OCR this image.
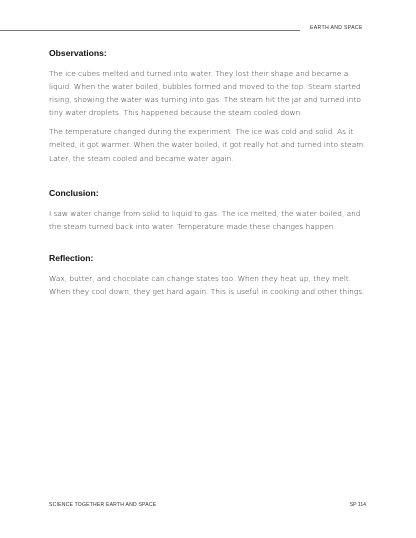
EARTH AND SPACE
Observations:

The ice cubes melted and turned into water. They lost their shape and became a liquid. When the water boiled, bubbles formed and moved to the top. Steam started rising, showing the water was turning into gas. The steam hit the jar and turned into tiny water droplets. This happened because the steam cooled down.

The temperature changed during the experiment. The ice was cold and solid. As it melted, it got warmer. When the water boiled, it got really hot and turned into steam. Later, the steam cooled and became water again.

Conclusion:

I saw water change from solid to liquid to gas. The ice melted, the water boiled, and the steam turned back into water. Temperature made these changes happen.

Reflection:

Wax, butter, and chocolate can change states too. When they heat up, they melt. When they cool down, they get hard again. This is useful in cooking and other things.

SCIENCE TOGETHER EARTH AND SPACE	SP 114
